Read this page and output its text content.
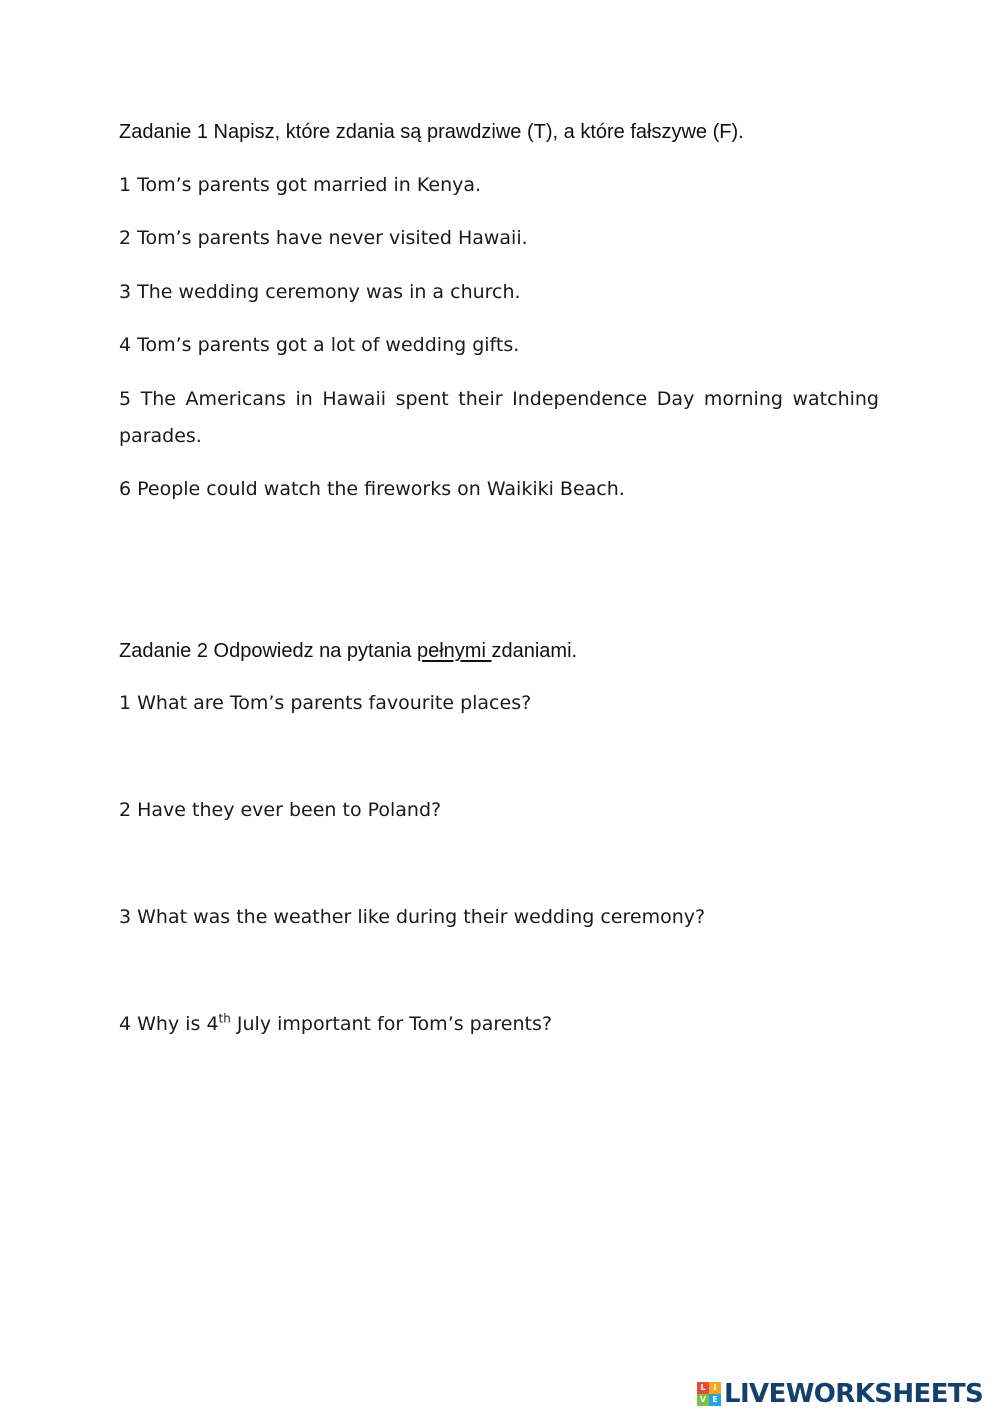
Zadanie 1 Napisz, które zdania są prawdziwe (T), a które fałszywe (F).
1 Tom’s parents got married in Kenya.
2 Tom’s parents have never visited Hawaii.
3 The wedding ceremony was in a church.
4 Tom’s parents got a lot of wedding gifts.
5 The Americans in Hawaii spent their Independence Day morning watching parades.
6 People could watch the fireworks on Waikiki Beach.
Zadanie 2 Odpowiedz na pytania pełnymi zdaniami.
1 What are Tom’s parents favourite places?
2 Have they ever been to Poland?
3 What was the weather like during their wedding ceremony?
4 Why is 4th July important for Tom’s parents?
L I
V E LIVEWORKSHEETS
